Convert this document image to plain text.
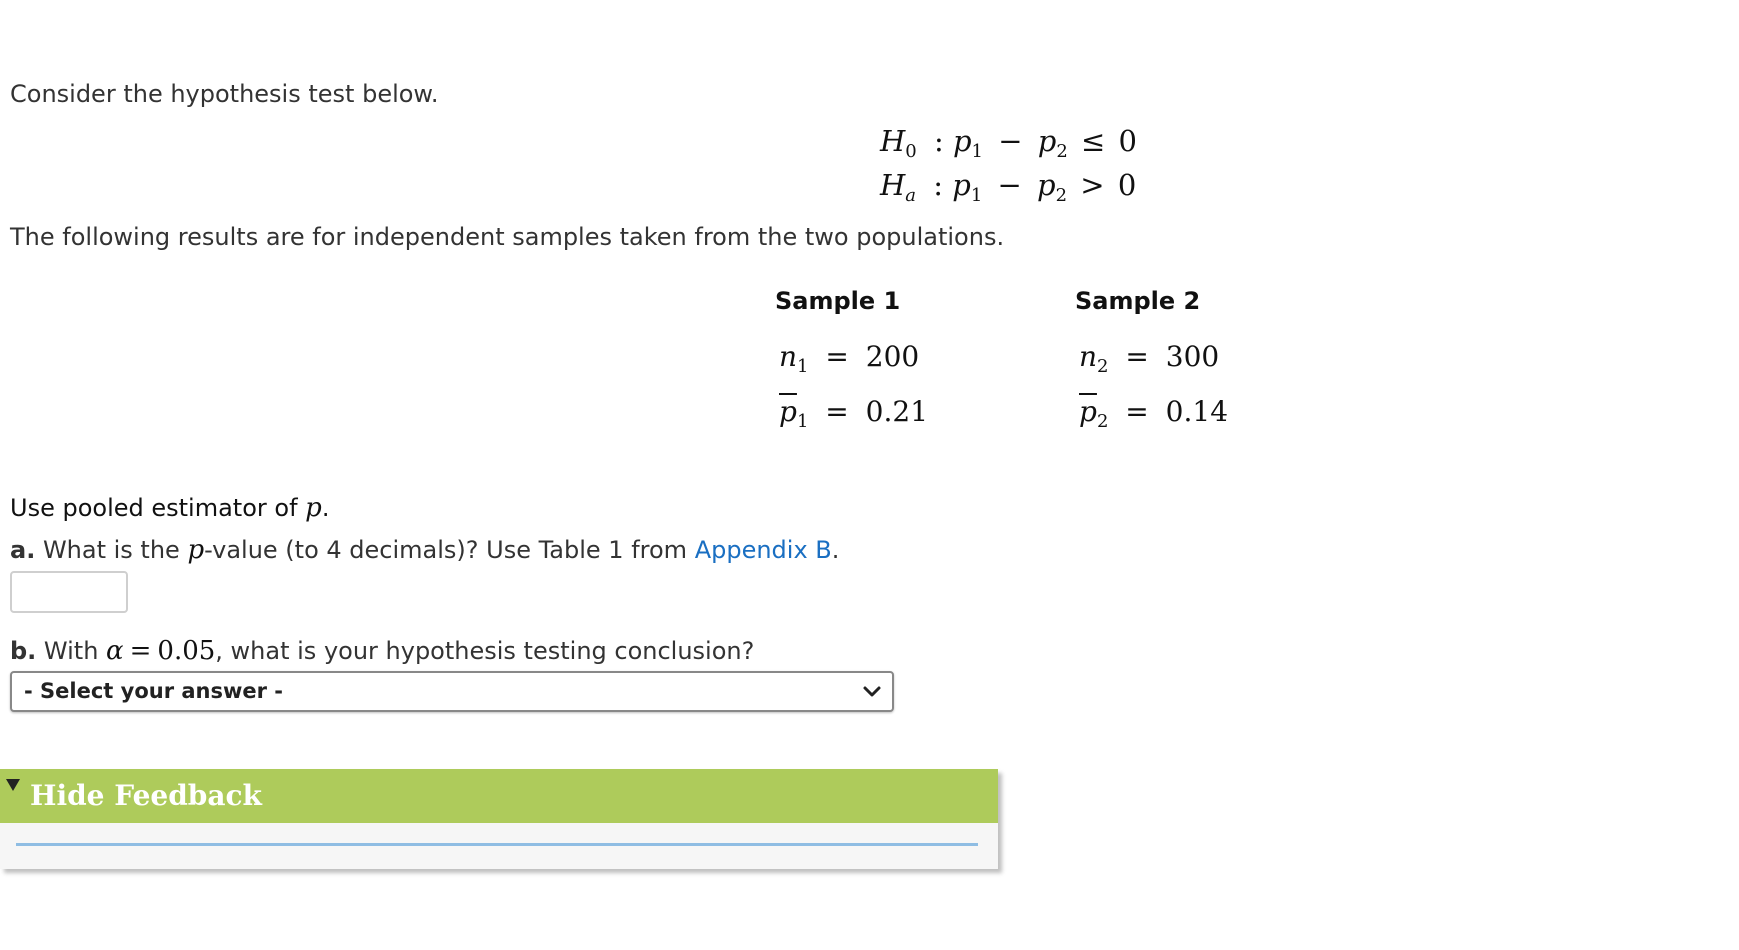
Consider the hypothesis test below.
$H_0$ : $p_1 - p_2 \le 0$
$H_a$ : $p_1 - p_2 > 0$
The following results are for independent samples taken from the two populations.
Sample 1
$n_1 = 200$
$\overline{p}_1 = 0.21$
Sample 2
$n_2 = 300$
$\overline{p}_2 = 0.14$
Use pooled estimator of p.
a. What is the p-value (to 4 decimals)? Use Table 1 from Appendix B.
b. With α = 0.05, what is your hypothesis testing conclusion?
- Select your answer -
Hide Feedback
